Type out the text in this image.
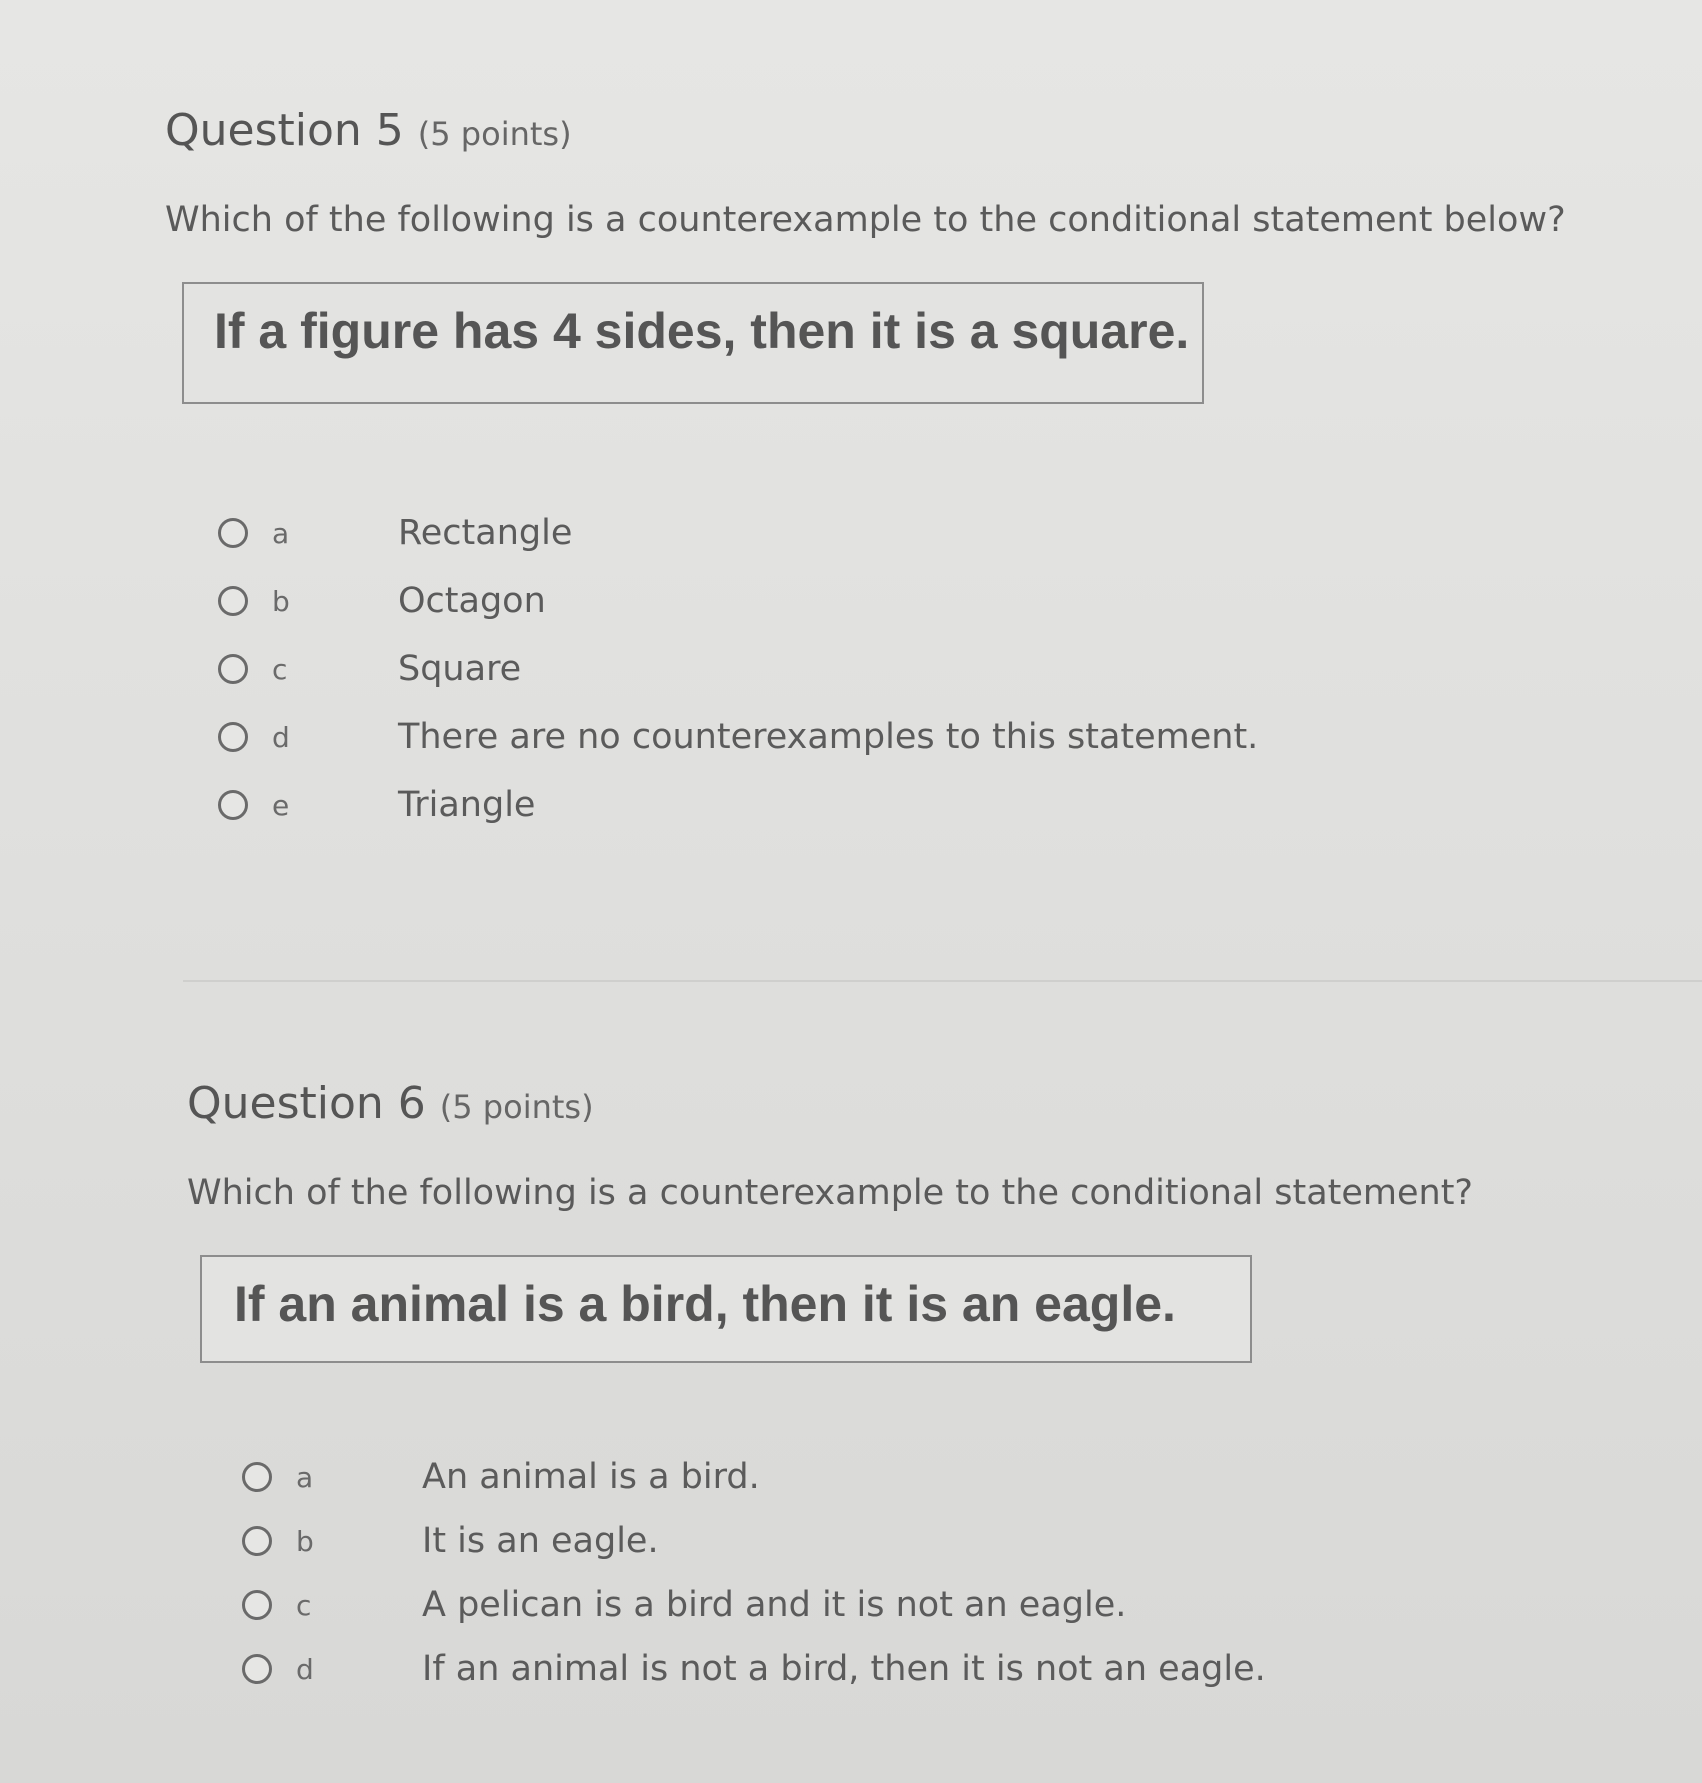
Question 5 (5 points)
Which of the following is a counterexample to the conditional statement below?
If a figure has 4 sides, then it is a square.
a	Rectangle
b	Octagon
c	Square
d	There are no counterexamples to this statement.
e	Triangle
Question 6 (5 points)
Which of the following is a counterexample to the conditional statement?
If an animal is a bird, then it is an eagle.
a	An animal is a bird.
b	It is an eagle.
c	A pelican is a bird and it is not an eagle.
d	If an animal is not a bird, then it is not an eagle.
